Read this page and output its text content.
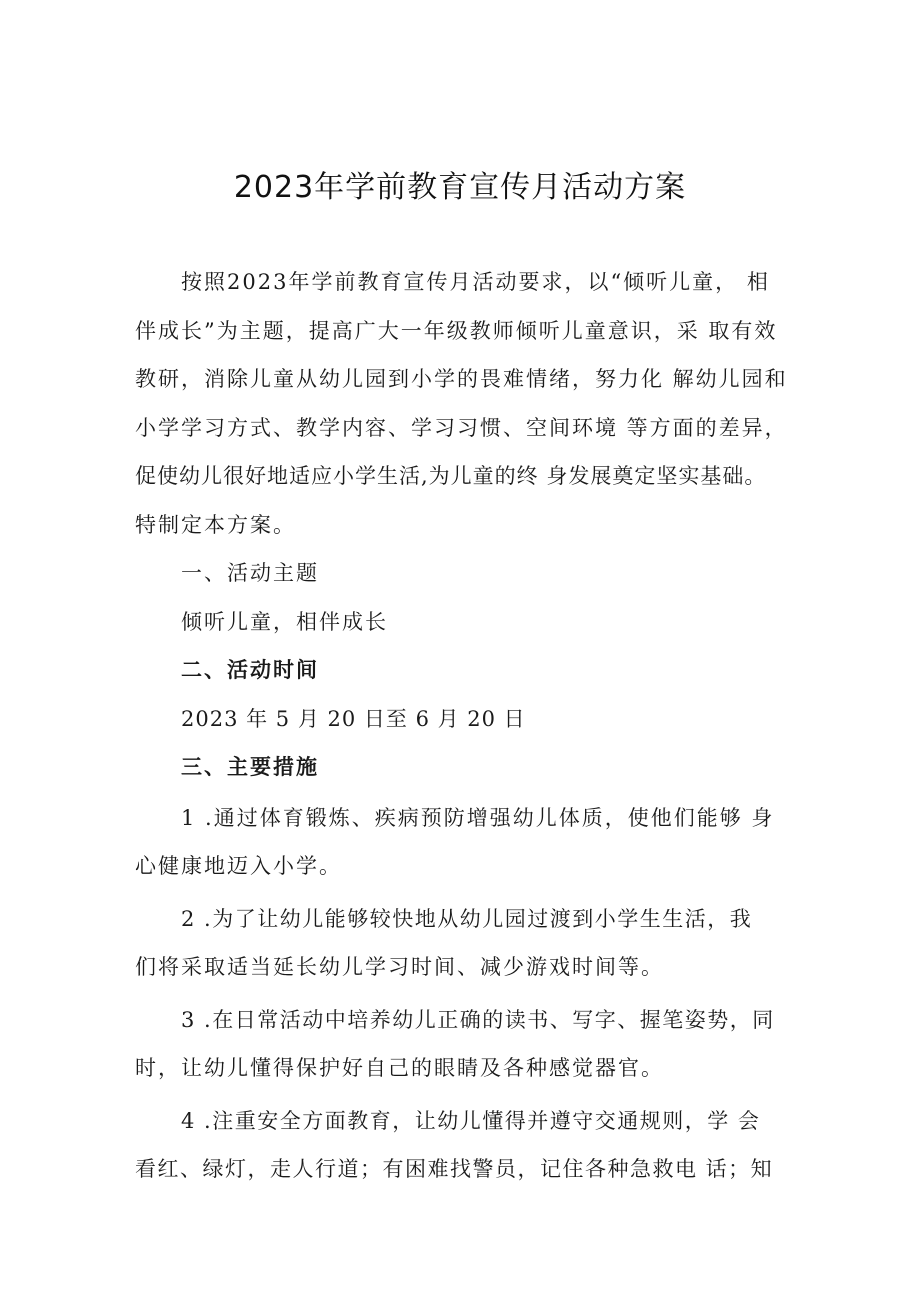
2023年学前教育宣传月活动方案
按照2023年学前教育宣传月活动要求，以“倾听儿童， 相
伴成长”为主题，提高广大一年级教师倾听儿童意识，采 取有效
教研，消除儿童从幼儿园到小学的畏难情绪，努力化 解幼儿园和
小学学习方式、教学内容、学习习惯、空间环境 等方面的差异，
促使幼儿很好地适应小学生活,为儿童的终 身发展奠定坚实基础。
特制定本方案。
一、活动主题
倾听儿童，相伴成长
二、活动时间
2023 年 5 月 20 日至 6 月 20 日
三、主要措施
1 .通过体育锻炼、疾病预防增强幼儿体质，使他们能够 身
心健康地迈入小学。
2 .为了让幼儿能够较快地从幼儿园过渡到小学生生活，我
们将采取适当延长幼儿学习时间、减少游戏时间等。
3 .在日常活动中培养幼儿正确的读书、写字、握笔姿势，同
时，让幼儿懂得保护好自己的眼睛及各种感觉器官。
4 .注重安全方面教育，让幼儿懂得并遵守交通规则，学 会
看红、绿灯，走人行道；有困难找警员，记住各种急救电 话；知
